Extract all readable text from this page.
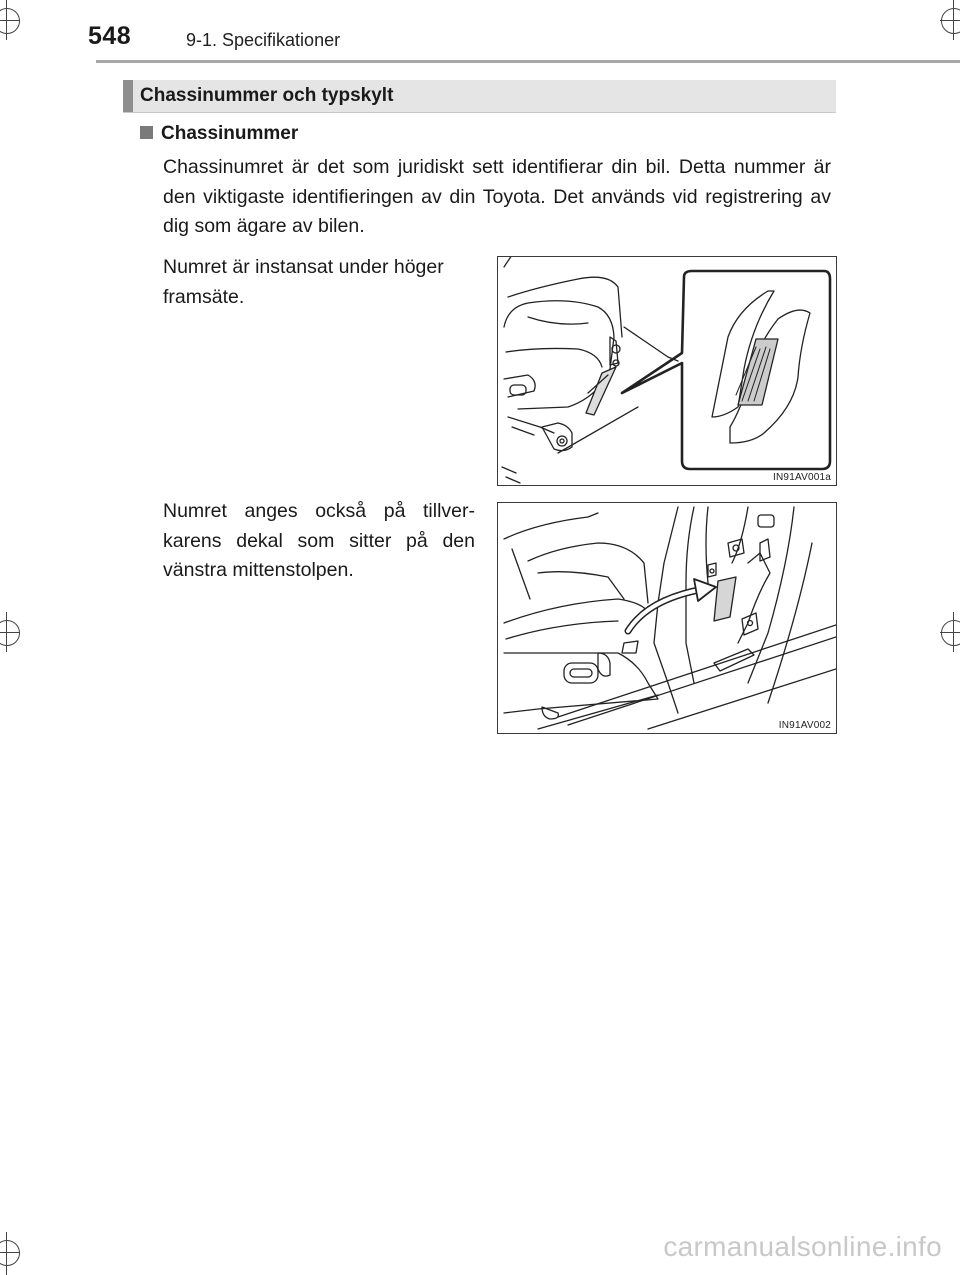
548	9-1. Specifikationer
Chassinummer och typskylt
Chassinummer
Chassinumret är det som juridiskt sett identifierar din bil. Detta nummer är den viktigaste identifieringen av din Toyota. Det används vid registrering av dig som ägare av bilen.
Numret är instansat under höger framsäte.
IN91AV001a
Numret anges också på tillver-karens dekal som sitter på den vänstra mittenstolpen.
IN91AV002
carmanualsonline.info
